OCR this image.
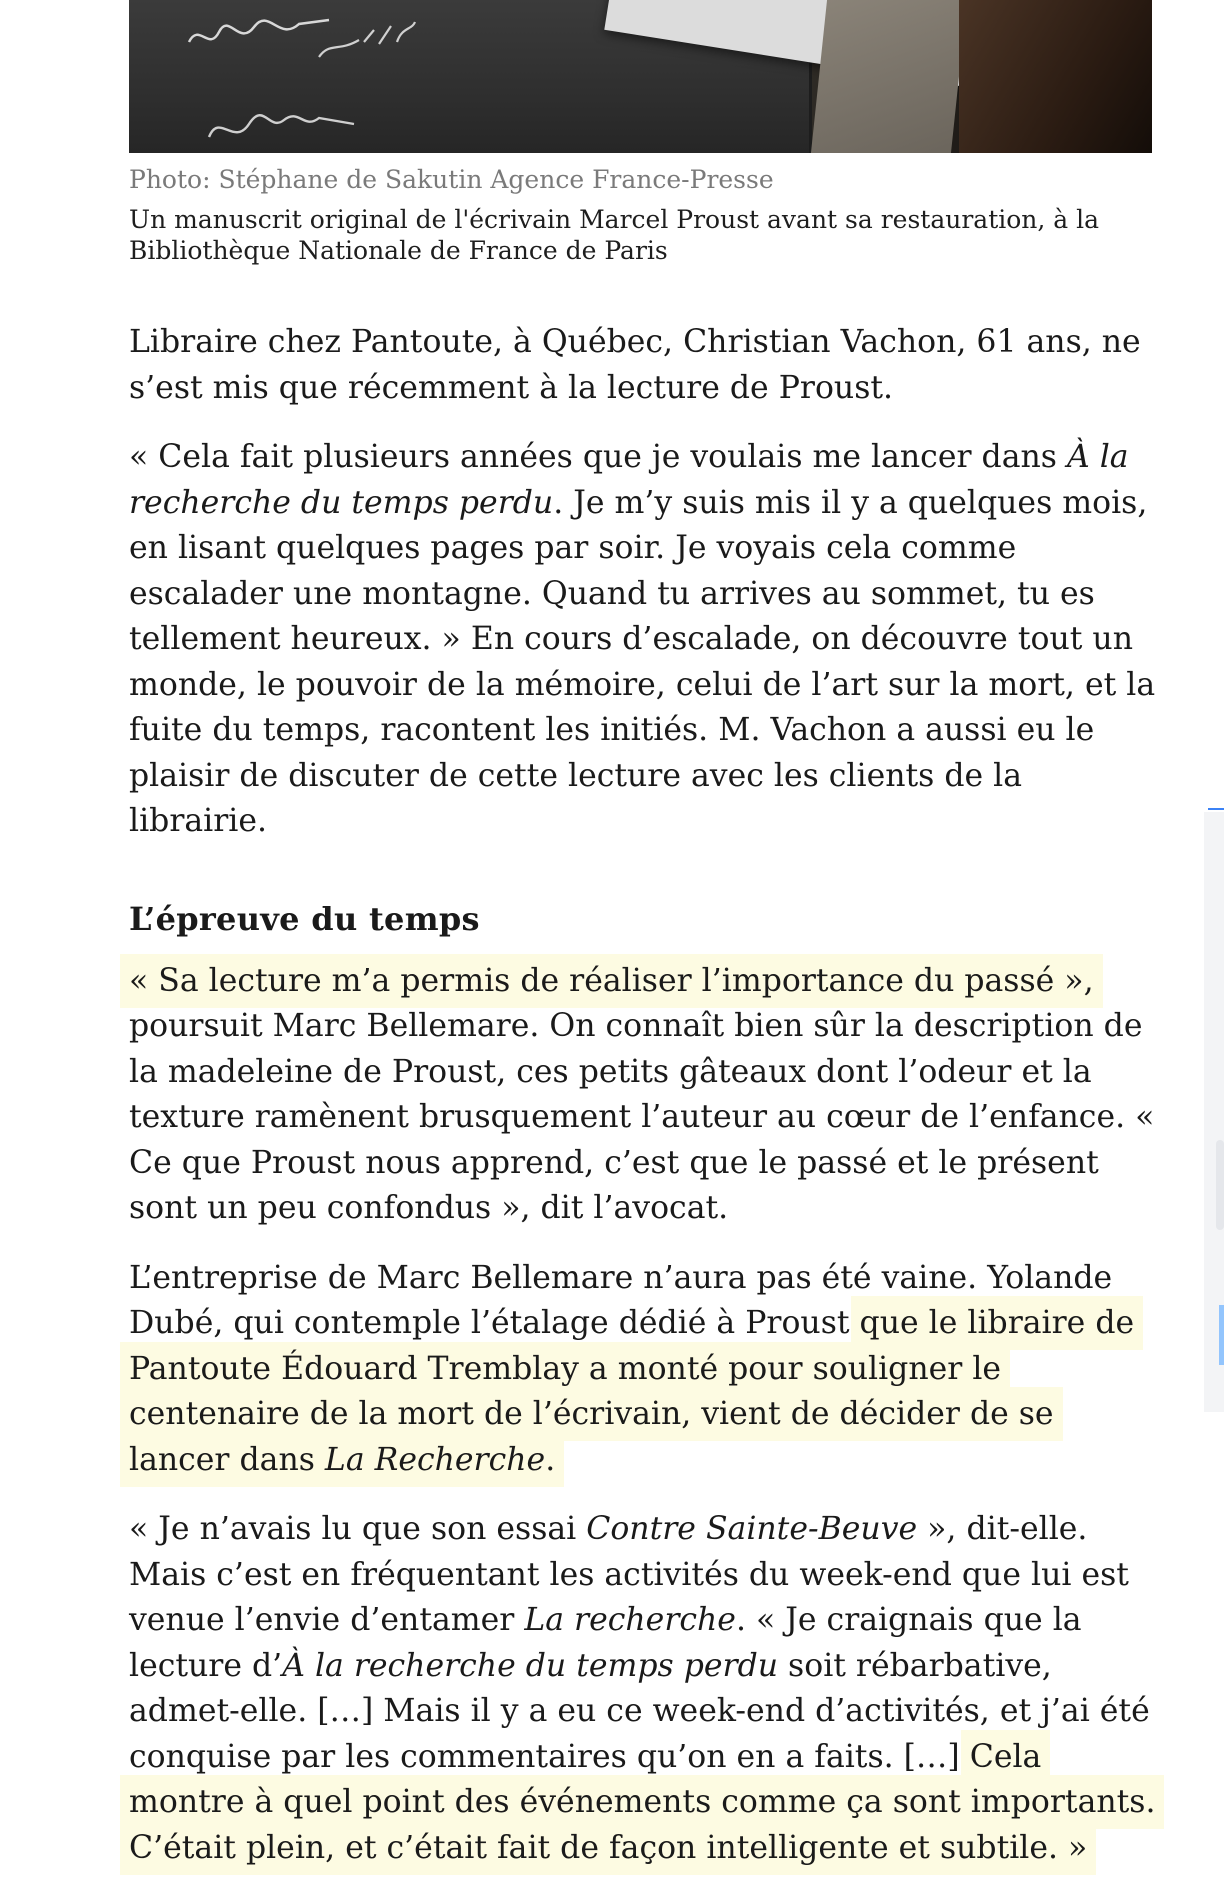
Photo: Stéphane de Sakutin Agence France-Presse
Un manuscrit original de l'écrivain Marcel Proust avant sa restauration, à la Bibliothèque Nationale de France de Paris

Libraire chez Pantoute, à Québec, Christian Vachon, 61 ans, ne s’est mis que récemment à la lecture de Proust.

« Cela fait plusieurs années que je voulais me lancer dans À la recherche du temps perdu. Je m’y suis mis il y a quelques mois, en lisant quelques pages par soir. Je voyais cela comme escalader une montagne. Quand tu arrives au sommet, tu es tellement heureux. » En cours d’escalade, on découvre tout un monde, le pouvoir de la mémoire, celui de l’art sur la mort, et la fuite du temps, racontent les initiés. M. Vachon a aussi eu le plaisir de discuter de cette lecture avec les clients de la librairie.

L’épreuve du temps

« Sa lecture m’a permis de réaliser l’importance du passé », poursuit Marc Bellemare. On connaît bien sûr la description de la madeleine de Proust, ces petits gâteaux dont l’odeur et la texture ramènent brusquement l’auteur au cœur de l’enfance. « Ce que Proust nous apprend, c’est que le passé et le présent sont un peu confondus », dit l’avocat.

L’entreprise de Marc Bellemare n’aura pas été vaine. Yolande Dubé, qui contemple l’étalage dédié à Proust que le libraire de Pantoute Édouard Tremblay a monté pour souligner le centenaire de la mort de l’écrivain, vient de décider de se lancer dans La Recherche.

« Je n’avais lu que son essai Contre Sainte-Beuve », dit-elle. Mais c’est en fréquentant les activités du week-end que lui est venue l’envie d’entamer La recherche. « Je craignais que la lecture d’À la recherche du temps perdu soit rébarbative, admet-elle. […] Mais il y a eu ce week-end d’activités, et j’ai été conquise par les commentaires qu’on en a faits. […] Cela montre à quel point des événements comme ça sont importants. C’était plein, et c’était fait de façon intelligente et subtile. »
